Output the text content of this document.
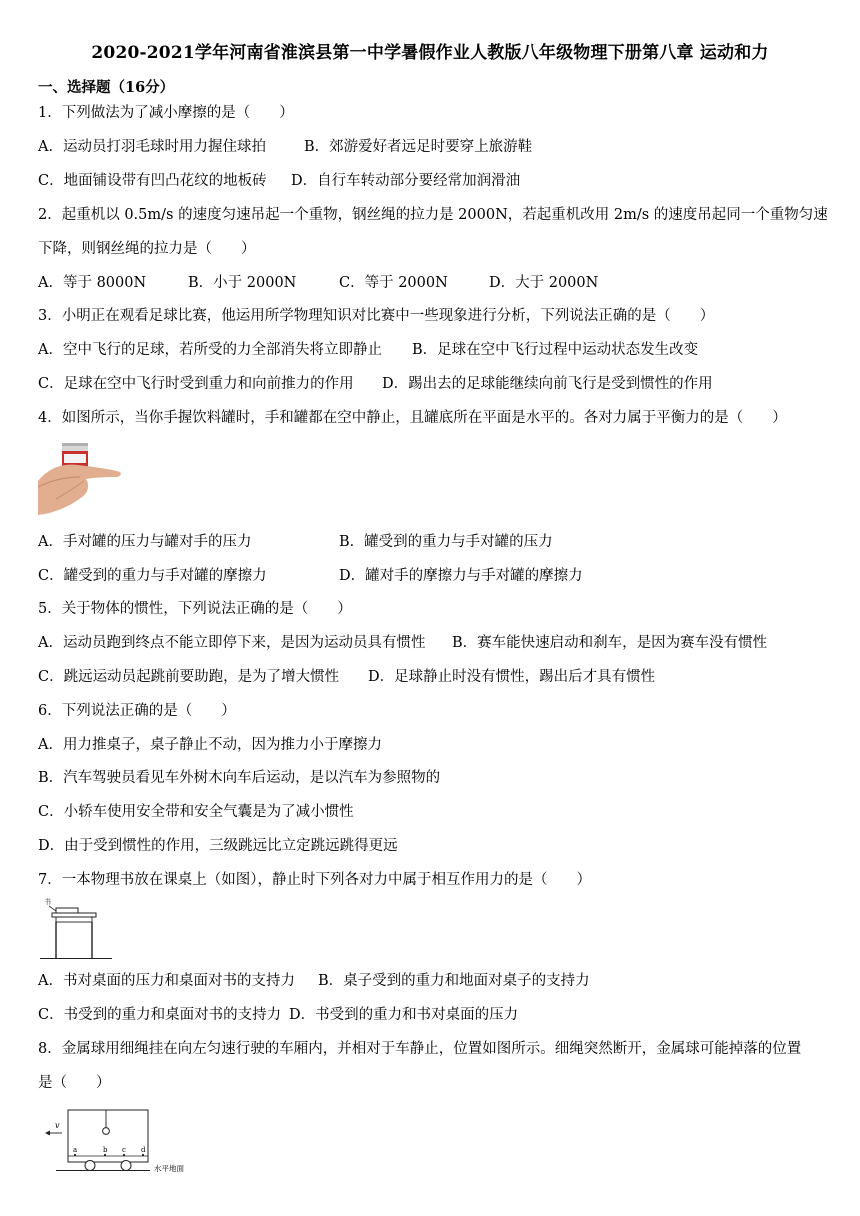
2020-2021学年河南省淮滨县第一中学暑假作业人教版八年级物理下册第八章 运动和力
一、选择题（16分）
1．下列做法为了减小摩擦的是（　　）
A．运动员打羽毛球时用力握住球拍	B．郊游爱好者远足时要穿上旅游鞋
C．地面铺设带有凹凸花纹的地板砖 D．自行车转动部分要经常加润滑油
2．起重机以 0.5m/s 的速度匀速吊起一个重物，钢丝绳的拉力是 2000N，若起重机改用 2m/s 的速度吊起同一个重物匀速
下降，则钢丝绳的拉力是（　　）
A．等于 8000N	B．小于 2000N	C．等于 2000N	D．大于 2000N
3．小明正在观看足球比赛，他运用所学物理知识对比赛中一些现象进行分析，下列说法正确的是（　　）
A．空中飞行的足球，若所受的力全部消失将立即静止 B．足球在空中飞行过程中运动状态发生改变
C．足球在空中飞行时受到重力和向前推力的作用 D．踢出去的足球能继续向前飞行是受到惯性的作用
4．如图所示，当你手握饮料罐时，手和罐都在空中静止，且罐底所在平面是水平的。各对力属于平衡力的是（　　）
A．手对罐的压力与罐对手的压力	B．罐受到的重力与手对罐的压力
C．罐受到的重力与手对罐的摩擦力	D．罐对手的摩擦力与手对罐的摩擦力
5．关于物体的惯性，下列说法正确的是（　　）
A．运动员跑到终点不能立即停下来，是因为运动员具有惯性 B．赛车能快速启动和刹车，是因为赛车没有惯性
C．跳远运动员起跳前要助跑，是为了增大惯性 D．足球静止时没有惯性，踢出后才具有惯性
6．下列说法正确的是（　　）
A．用力推桌子，桌子静止不动，因为推力小于摩擦力
B．汽车驾驶员看见车外树木向车后运动，是以汽车为参照物的
C．小轿车使用安全带和安全气囊是为了减小惯性
D．由于受到惯性的作用，三级跳远比立定跳远跳得更远
7．一本物理书放在课桌上（如图），静止时下列各对力中属于相互作用力的是（　　）
书
A．书对桌面的压力和桌面对书的支持力 B．桌子受到的重力和地面对桌子的支持力
C．书受到的重力和桌面对书的支持力 D．书受到的重力和书对桌面的压力
8．金属球用细绳挂在向左匀速行驶的车厢内，并相对于车静止，位置如图所示。细绳突然断开，金属球可能掉落的位置
是（　　）
v
a	b c d
水平地面
